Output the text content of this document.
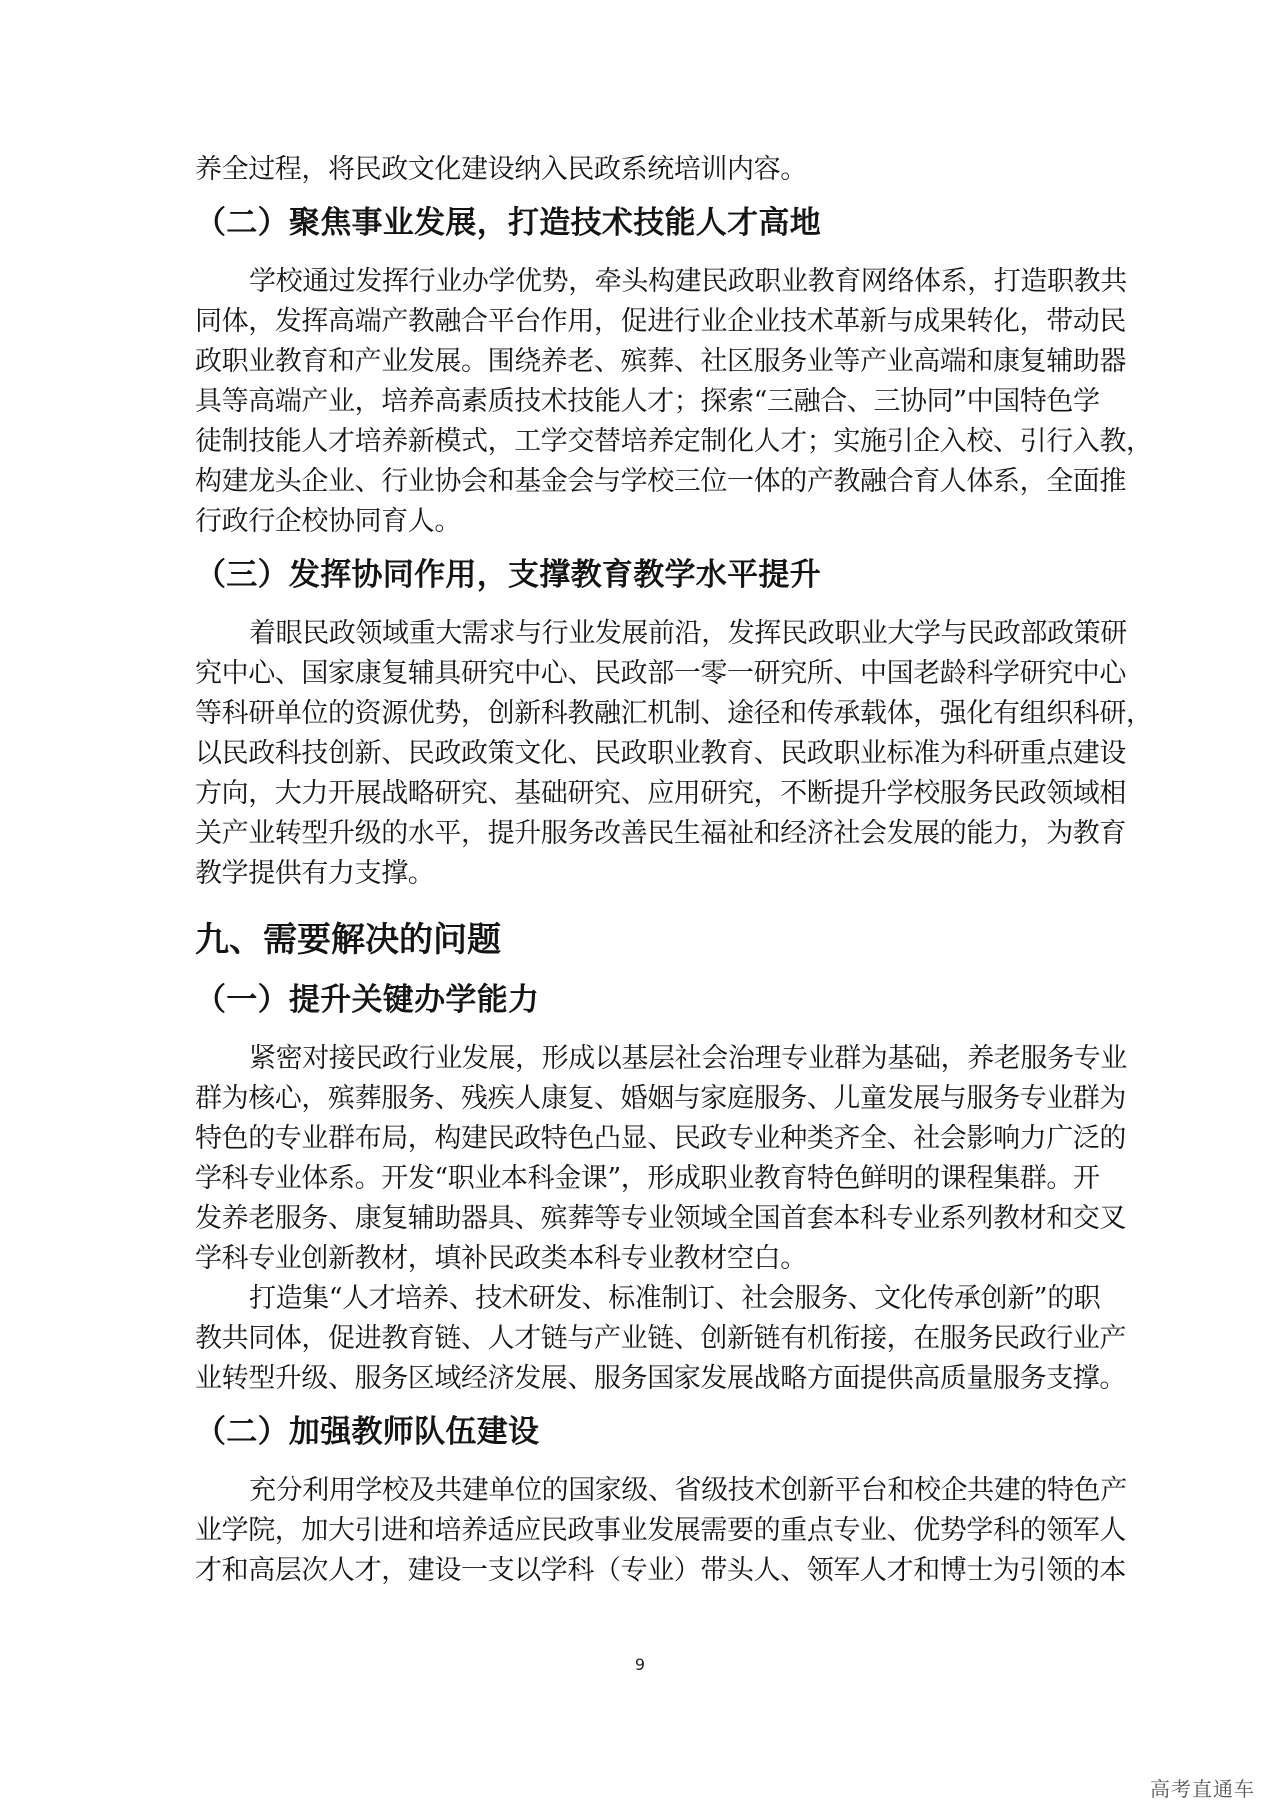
养全过程，将民政文化建设纳入民政系统培训内容。

（二）聚焦事业发展，打造技术技能人才高地

学校通过发挥行业办学优势，牵头构建民政职业教育网络体系，打造职教共

同体，发挥高端产教融合平台作用，促进行业企业技术革新与成果转化，带动民

政职业教育和产业发展。围绕养老、殡葬、社区服务业等产业高端和康复辅助器

具等高端产业，培养高素质技术技能人才；探索“三融合、三协同”中国特色学

徒制技能人才培养新模式，工学交替培养定制化人才；实施引企入校、引行入教，

构建龙头企业、行业协会和基金会与学校三位一体的产教融合育人体系，全面推

行政行企校协同育人。

（三）发挥协同作用，支撑教育教学水平提升

着眼民政领域重大需求与行业发展前沿，发挥民政职业大学与民政部政策研

究中心、国家康复辅具研究中心、民政部一零一研究所、中国老龄科学研究中心

等科研单位的资源优势，创新科教融汇机制、途径和传承载体，强化有组织科研，

以民政科技创新、民政政策文化、民政职业教育、民政职业标准为科研重点建设

方向，大力开展战略研究、基础研究、应用研究，不断提升学校服务民政领域相

关产业转型升级的水平，提升服务改善民生福祉和经济社会发展的能力，为教育

教学提供有力支撑。

九、需要解决的问题
（一）提升关键办学能力

紧密对接民政行业发展，形成以基层社会治理专业群为基础，养老服务专业

群为核心，殡葬服务、残疾人康复、婚姻与家庭服务、儿童发展与服务专业群为

特色的专业群布局，构建民政特色凸显、民政专业种类齐全、社会影响力广泛的

学科专业体系。开发“职业本科金课”，形成职业教育特色鲜明的课程集群。开

发养老服务、康复辅助器具、殡葬等专业领域全国首套本科专业系列教材和交叉

学科专业创新教材，填补民政类本科专业教材空白。

打造集“人才培养、技术研发、标准制订、社会服务、文化传承创新”的职

教共同体，促进教育链、人才链与产业链、创新链有机衔接，在服务民政行业产

业转型升级、服务区域经济发展、服务国家发展战略方面提供高质量服务支撑。

（二）加强教师队伍建设

充分利用学校及共建单位的国家级、省级技术创新平台和校企共建的特色产

业学院，加大引进和培养适应民政事业发展需要的重点专业、优势学科的领军人

才和高层次人才，建设一支以学科（专业）带头人、领军人才和博士为引领的本

9
高考直通车
